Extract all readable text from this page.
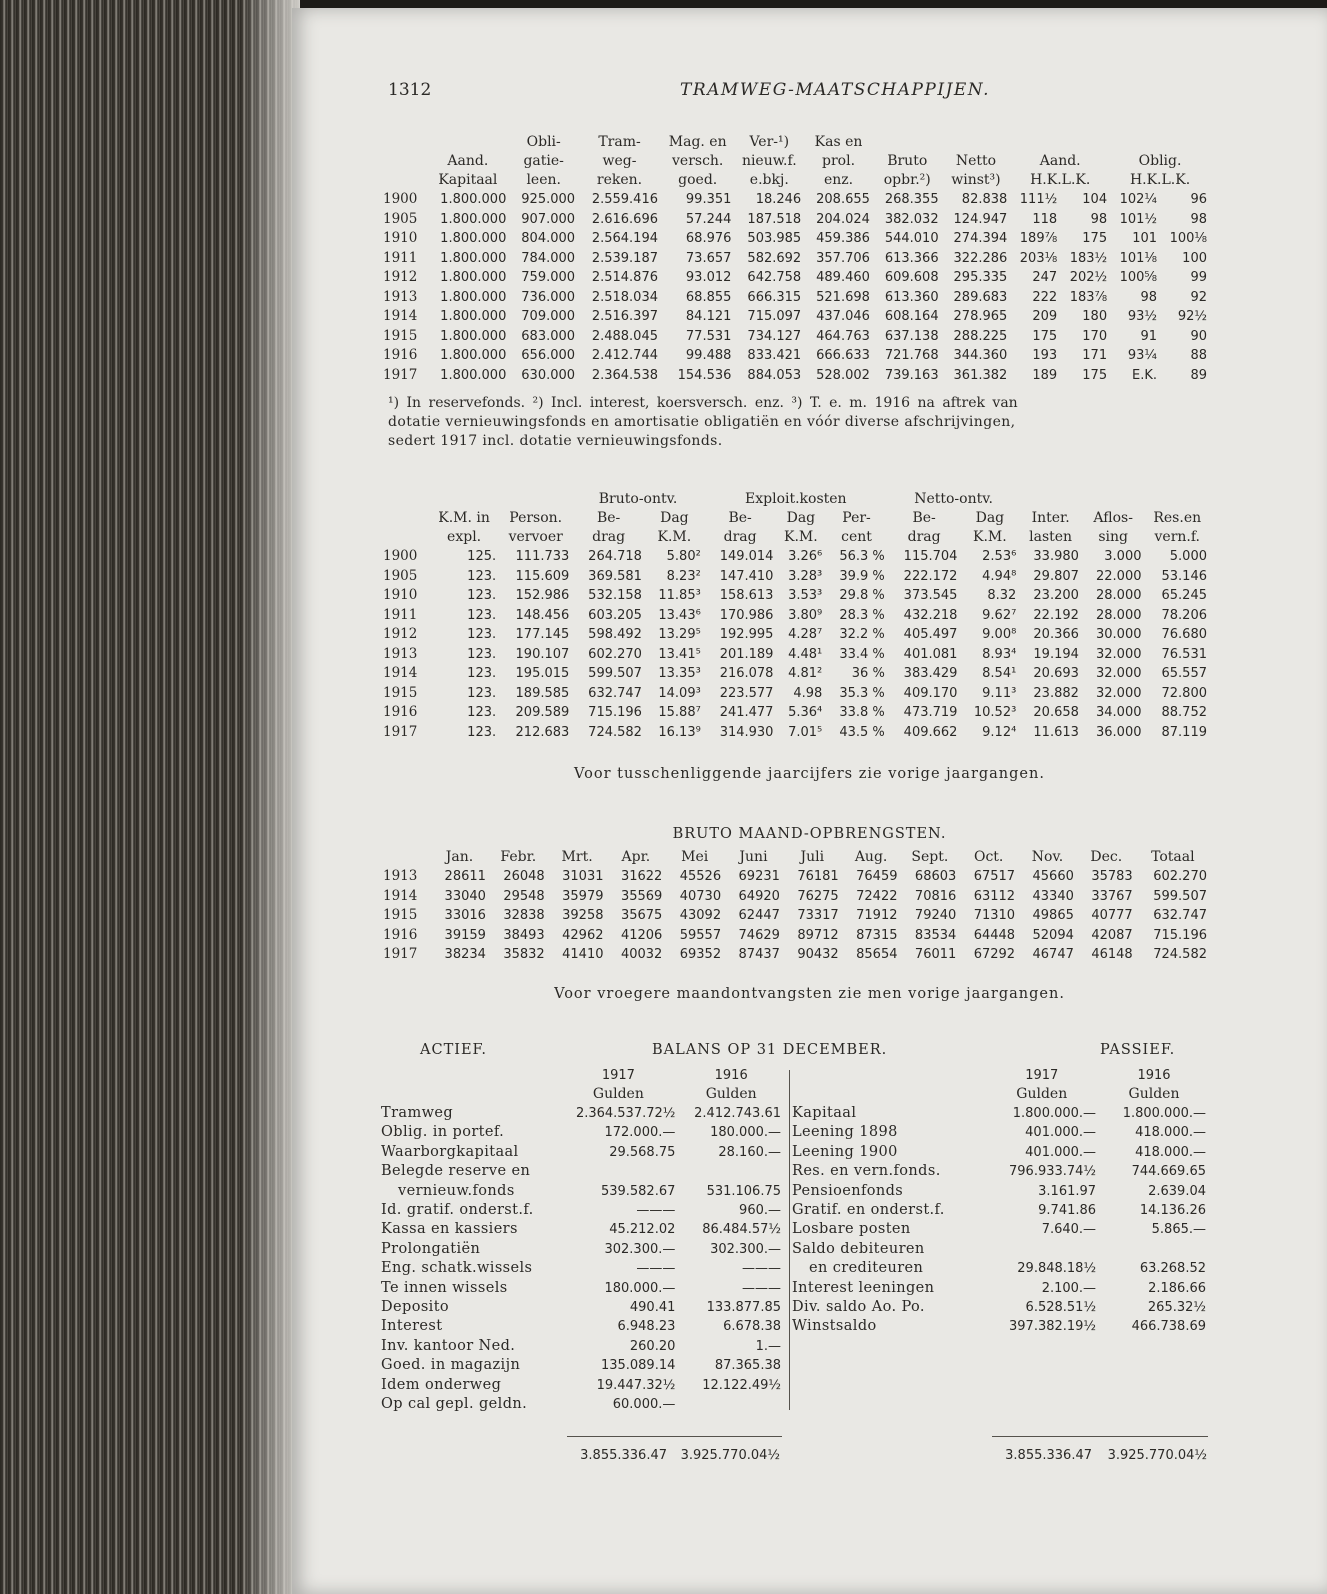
1312	TRAMWEG-MAATSCHAPPIJEN.
		Obli-	Tram-	Mag. en	Ver-¹)	Kas en						
	Aand.	gatie-	weg-	versch.	nieuw.f.	prol.	Bruto	Netto	Aand.		Oblig.	
	Kapitaal	leen.	reken.	goed.	e.bkj.	enz.	opbr.²)	winst³)	H.K.L.K.		H.K.L.K.	
1900	1.800.000	925.000	2.559.416	99.351	18.246	208.655	268.355	82.838	111½	104	102¼	96
1905	1.800.000	907.000	2.616.696	57.244	187.518	204.024	382.032	124.947	118	98	101½	98
1910	1.800.000	804.000	2.564.194	68.976	503.985	459.386	544.010	274.394	189⅞	175	101	100⅛
1911	1.800.000	784.000	2.539.187	73.657	582.692	357.706	613.366	322.286	203⅛	183½	101⅛	100
1912	1.800.000	759.000	2.514.876	93.012	642.758	489.460	609.608	295.335	247	202½	100⅝	99
1913	1.800.000	736.000	2.518.034	68.855	666.315	521.698	613.360	289.683	222	183⅞	98	92
1914	1.800.000	709.000	2.516.397	84.121	715.097	437.046	608.164	278.965	209	180	93½	92½
1915	1.800.000	683.000	2.488.045	77.531	734.127	464.763	637.138	288.225	175	170	91	90
1916	1.800.000	656.000	2.412.744	99.488	833.421	666.633	721.768	344.360	193	171	93¼	88
1917	1.800.000	630.000	2.364.538	154.536	884.053	528.002	739.163	361.382	189	175	E.K.	89
¹) In reservefonds. ²) Incl. interest, koersversch. enz. ³) T. e. m. 1916 na aftrek van
dotatie vernieuwingsfonds en amortisatie obligatiën en vóór diverse afschrijvingen,
sedert 1917 incl. dotatie vernieuwingsfonds.
			Bruto-ontv.		Exploit.kosten			Netto-ontv.				
	K.M. in	Person.	Be-	Dag	Be-	Dag	Per-	Be-	Dag	Inter.	Aflos-	Res.en
	expl.	vervoer	drag	K.M.	drag	K.M.	cent	drag	K.M.	lasten	sing	vern.f.
1900	125.	111.733	264.718	5.80²	149.014	3.26⁶	56.3 %	115.704	2.53⁶	33.980	3.000	5.000
1905	123.	115.609	369.581	8.23²	147.410	3.28³	39.9 %	222.172	4.94⁸	29.807	22.000	53.146
1910	123.	152.986	532.158	11.85³	158.613	3.53³	29.8 %	373.545	8.32	23.200	28.000	65.245
1911	123.	148.456	603.205	13.43⁶	170.986	3.80⁹	28.3 %	432.218	9.62⁷	22.192	28.000	78.206
1912	123.	177.145	598.492	13.29⁵	192.995	4.28⁷	32.2 %	405.497	9.00⁸	20.366	30.000	76.680
1913	123.	190.107	602.270	13.41⁵	201.189	4.48¹	33.4 %	401.081	8.93⁴	19.194	32.000	76.531
1914	123.	195.015	599.507	13.35³	216.078	4.81²	36 %	383.429	8.54¹	20.693	32.000	65.557
1915	123.	189.585	632.747	14.09³	223.577	4.98	35.3 %	409.170	9.11³	23.882	32.000	72.800
1916	123.	209.589	715.196	15.88⁷	241.477	5.36⁴	33.8 %	473.719	10.52³	20.658	34.000	88.752
1917	123.	212.683	724.582	16.13⁹	314.930	7.01⁵	43.5 %	409.662	9.12⁴	11.613	36.000	87.119
Voor tusschenliggende jaarcijfers zie vorige jaargangen.
BRUTO MAAND-OPBRENGSTEN.
	Jan.	Febr.	Mrt.	Apr.	Mei	Juni	Juli	Aug.	Sept.	Oct.	Nov.	Dec.	Totaal
1913	28611	26048	31031	31622	45526	69231	76181	76459	68603	67517	45660	35783	602.270
1914	33040	29548	35979	35569	40730	64920	76275	72422	70816	63112	43340	33767	599.507
1915	33016	32838	39258	35675	43092	62447	73317	71912	79240	71310	49865	40777	632.747
1916	39159	38493	42962	41206	59557	74629	89712	87315	83534	64448	52094	42087	715.196
1917	38234	35832	41410	40032	69352	87437	90432	85654	76011	67292	46747	46148	724.582
Voor vroegere maandontvangsten zie men vorige jaargangen.
ACTIEF.	BALANS OP 31 DECEMBER.	PASSIEF.
	1917	1916
	Gulden	Gulden
Tramweg	2.364.537.72½	2.412.743.61
Oblig. in portef.	172.000.—	180.000.—
Waarborgkapitaal	29.568.75	28.160.—
Belegde reserve en		
vernieuw.fonds	539.582.67	531.106.75
Id. gratif. onderst.f.	———	960.—
Kassa en kassiers	45.212.02	86.484.57½
Prolongatiën	302.300.—	302.300.—
Eng. schatk.wissels	———	———
Te innen wissels	180.000.—	———
Deposito	490.41	133.877.85
Interest	6.948.23	6.678.38
Inv. kantoor Ned.	260.20	1.—
Goed. in magazijn	135.089.14	87.365.38
Idem onderweg	19.447.32½	12.122.49½
Op cal gepl. geldn.	60.000.—	
	1917	1916
	Gulden	Gulden
Kapitaal	1.800.000.—	1.800.000.—
Leening 1898	401.000.—	418.000.—
Leening 1900	401.000.—	418.000.—
Res. en vern.fonds.	796.933.74½	744.669.65
Pensioenfonds	3.161.97	2.639.04
Gratif. en onderst.f.	9.741.86	14.136.26
Losbare posten	7.640.—	5.865.—
Saldo debiteuren		
en crediteuren	29.848.18½	63.268.52
Interest leeningen	2.100.—	2.186.66
Div. saldo Ao. Po.	6.528.51½	265.32½
Winstsaldo	397.382.19½	466.738.69
3.855.336.47	3.925.770.04½	3.855.336.47	3.925.770.04½
